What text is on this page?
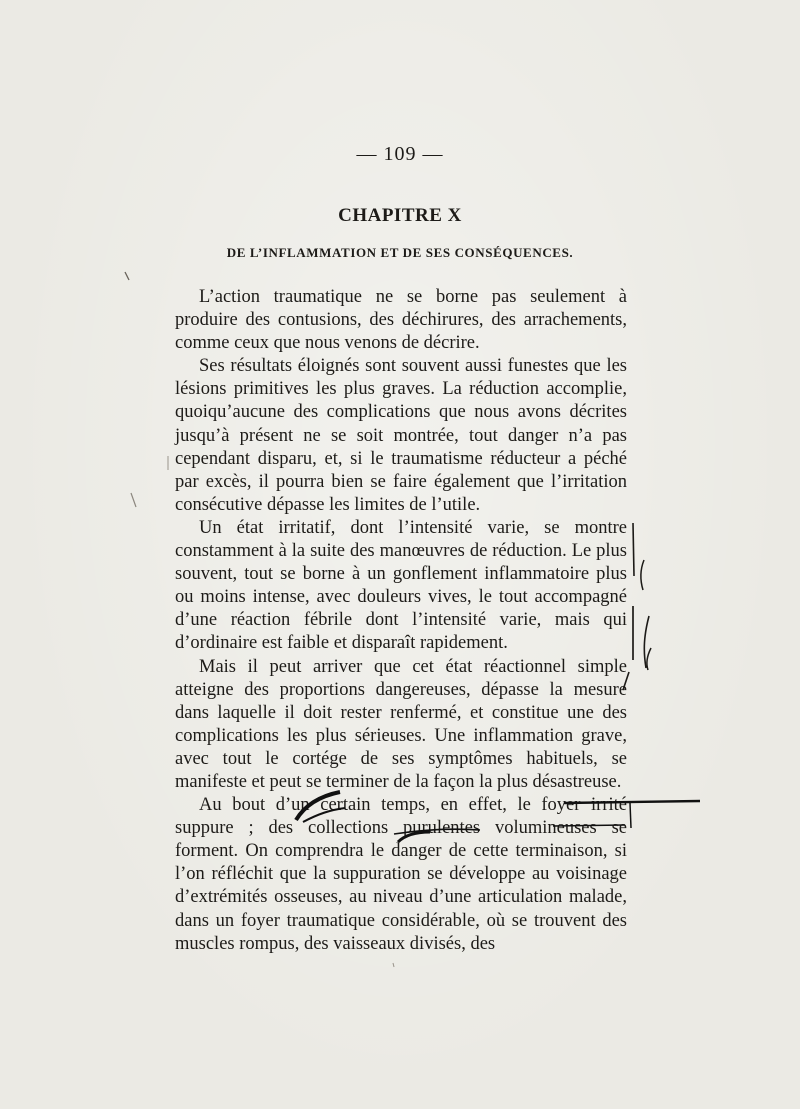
— 109 —
CHAPITRE X
DE L’INFLAMMATION ET DE SES CONSÉQUENCES.

L’action traumatique ne se borne pas seulement à produire des contusions, des déchirures, des arrachements, comme ceux que nous venons de décrire.

Ses résultats éloignés sont souvent aussi funestes que les lésions primitives les plus graves. La réduction accomplie, quoiqu’aucune des complications que nous avons décrites jusqu’à présent ne se soit montrée, tout danger n’a pas cependant disparu, et, si le traumatisme réducteur a péché par excès, il pourra bien se faire également que l’irritation consécutive dépasse les limites de l’utile.

Un état irritatif, dont l’intensité varie, se montre constamment à la suite des manœuvres de réduction. Le plus souvent, tout se borne à un gonflement inflammatoire plus ou moins intense, avec douleurs vives, le tout accompagné d’une réaction fébrile dont l’intensité varie, mais qui d’ordinaire est faible et disparaît rapidement.

Mais il peut arriver que cet état réactionnel simple atteigne des proportions dangereuses, dépasse la mesure dans laquelle il doit rester renfermé, et constitue une des complications les plus sérieuses. Une inflammation grave, avec tout le cortége de ses symptômes habituels, se manifeste et peut se terminer de la façon la plus désastreuse.

Au bout d’un certain temps, en effet, le foyer irrité suppure ; des collections purulentes volumineuses se forment. On comprendra le danger de cette terminaison, si l’on réfléchit que la suppuration se développe au voisinage d’extrémités osseuses, au niveau d’une articulation malade, dans un foyer traumatique considérable, où se trouvent des muscles rompus, des vaisseaux divisés, des
